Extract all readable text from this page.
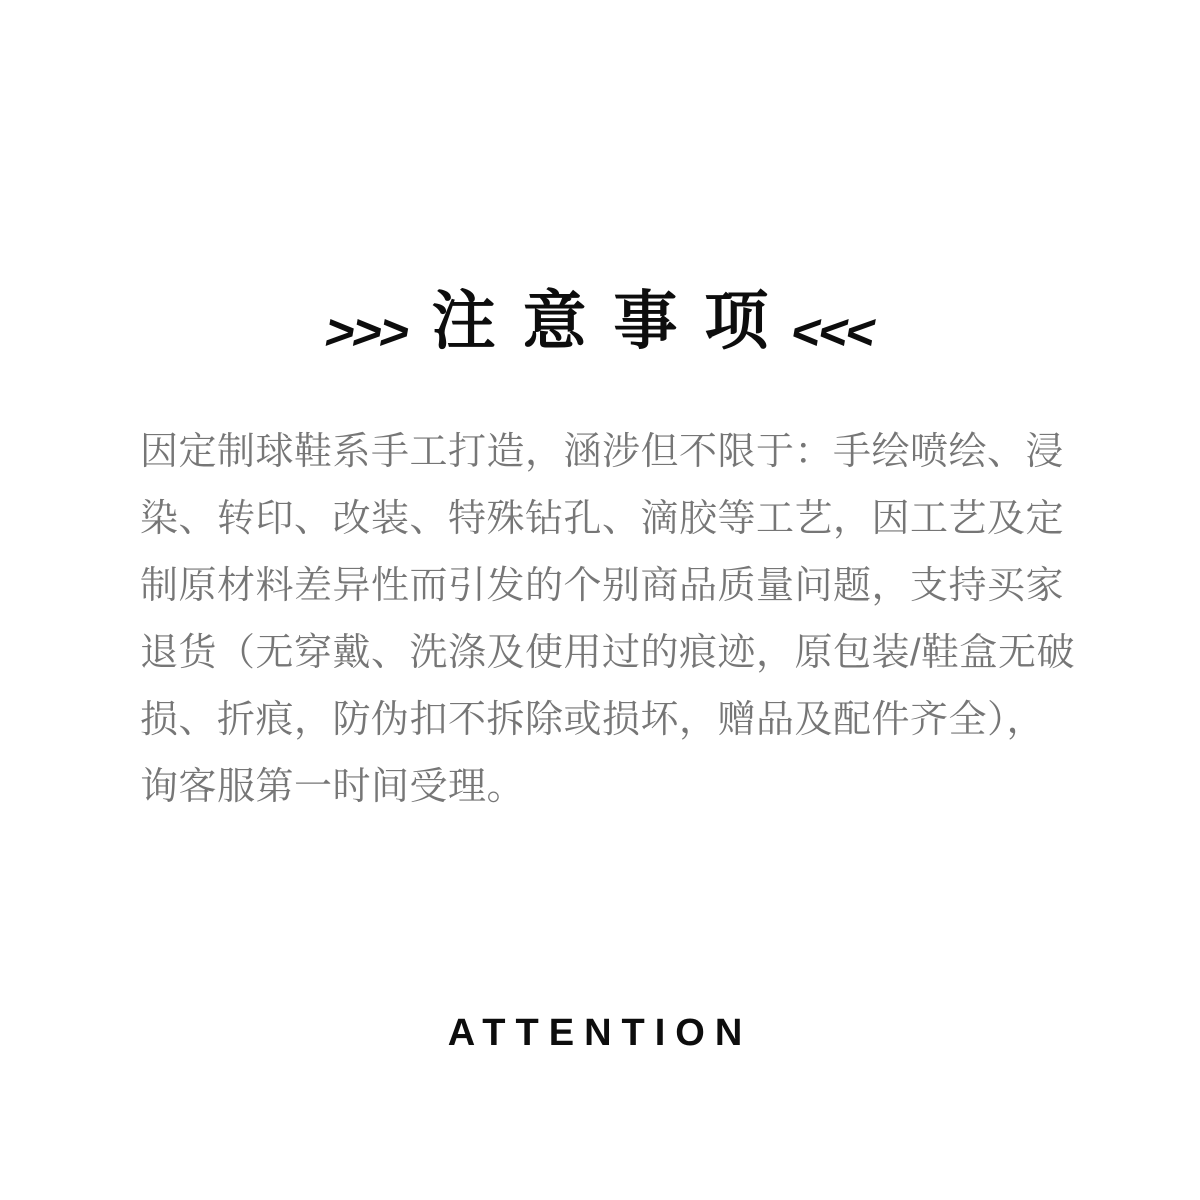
>>> 注意事项
<<<
因定制球鞋系手工打造，涵涉但不限于：手绘喷绘、浸
染、转印、改装、特殊钻孔、滴胶等工艺，因工艺及定
制原材料差异性而引发的个别商品质量问题，支持买家
退货（无穿戴、洗涤及使用过的痕迹，原包装/鞋盒无破
损、折痕，防伪扣不拆除或损坏，赠品及配件齐全），
询客服第一时间受理。
ATTENTION
